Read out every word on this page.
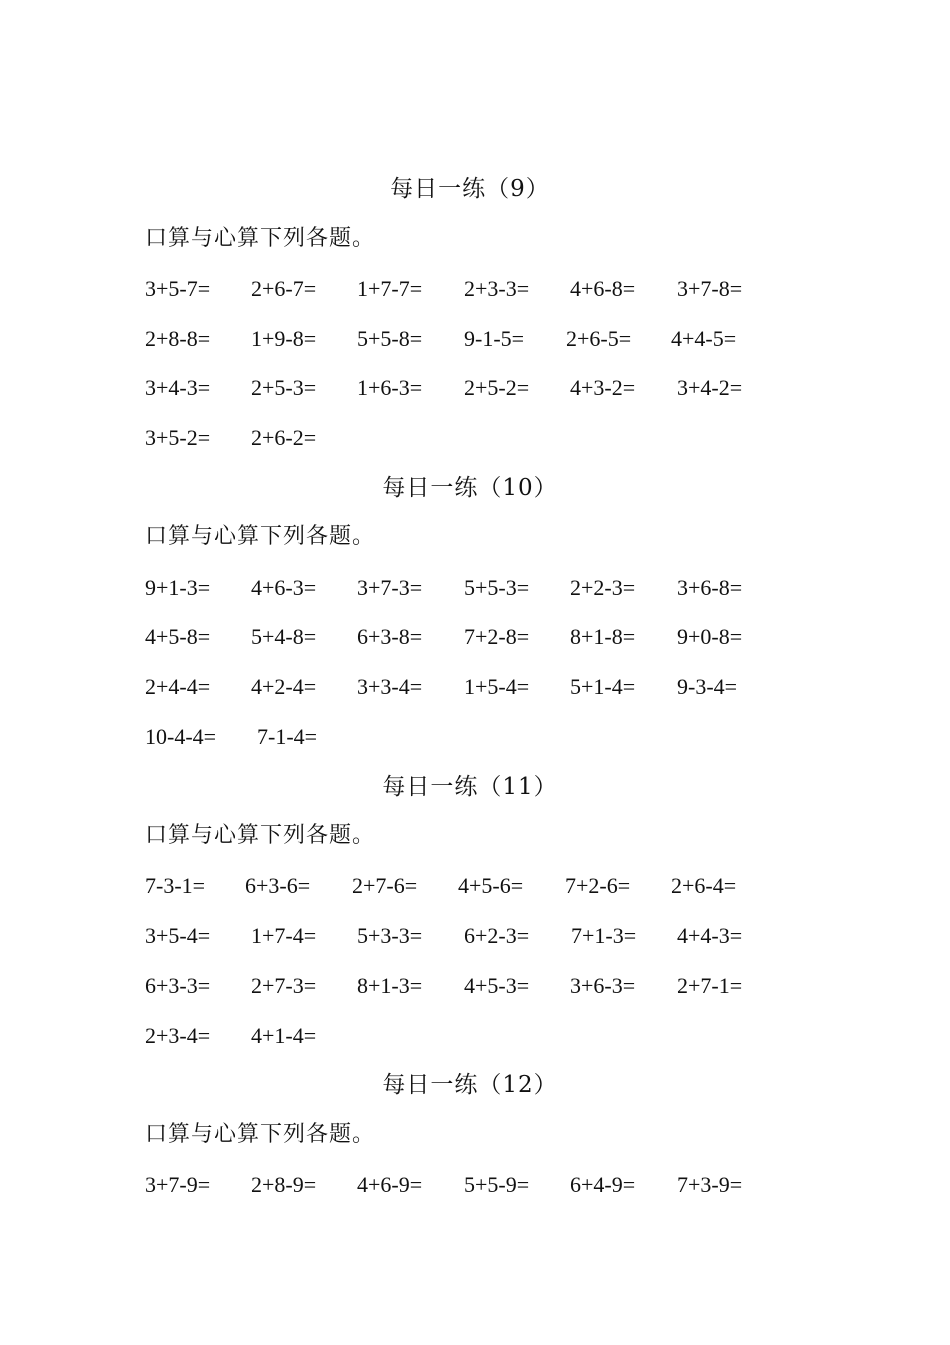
每日一练（9）
口算与心算下列各题。
3+5-7= 2+6-7= 1+7-7= 2+3-3= 4+6-8= 3+7-8=
2+8-8= 1+9-8= 5+5-8= 9-1-5= 2+6-5= 4+4-5=
3+4-3= 2+5-3= 1+6-3= 2+5-2= 4+3-2= 3+4-2=
3+5-2= 2+6-2=
每日一练（10）
口算与心算下列各题。
9+1-3= 4+6-3= 3+7-3= 5+5-3= 2+2-3= 3+6-8=
4+5-8= 5+4-8= 6+3-8= 7+2-8= 8+1-8= 9+0-8=
2+4-4= 4+2-4= 3+3-4= 1+5-4= 5+1-4= 9-3-4=
10-4-4= 7-1-4=
每日一练（11）
口算与心算下列各题。
7-3-1= 6+3-6= 2+7-6= 4+5-6= 7+2-6= 2+6-4=
3+5-4= 1+7-4= 5+3-3= 6+2-3= 7+1-3= 4+4-3=
6+3-3= 2+7-3= 8+1-3= 4+5-3= 3+6-3= 2+7-1=
2+3-4= 4+1-4=
每日一练（12）
口算与心算下列各题。
3+7-9= 2+8-9= 4+6-9= 5+5-9= 6+4-9= 7+3-9=
